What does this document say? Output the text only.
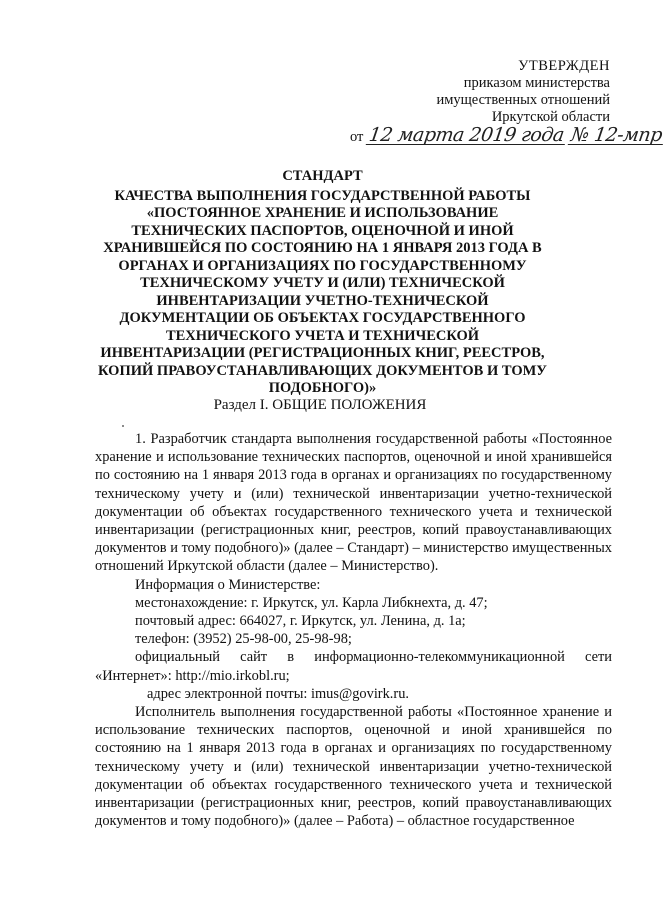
УТВЕРЖДЕН
приказом министерства
имущественных отношений
Иркутской области
от 12 марта 2019 года № 12-мпр
СТАНДАРТ
КАЧЕСТВА ВЫПОЛНЕНИЯ ГОСУДАРСТВЕННОЙ РАБОТЫ «ПОСТОЯННОЕ ХРАНЕНИЕ И ИСПОЛЬЗОВАНИЕ ТЕХНИЧЕСКИХ ПАСПОРТОВ, ОЦЕНОЧНОЙ И ИНОЙ ХРАНИВШЕЙСЯ ПО СОСТОЯНИЮ НА 1 ЯНВАРЯ 2013 ГОДА В ОРГАНАХ И ОРГАНИЗАЦИЯХ ПО ГОСУДАРСТВЕННОМУ ТЕХНИЧЕСКОМУ УЧЕТУ И (ИЛИ) ТЕХНИЧЕСКОЙ ИНВЕНТАРИЗАЦИИ УЧЕТНО-ТЕХНИЧЕСКОЙ ДОКУМЕНТАЦИИ ОБ ОБЪЕКТАХ ГОСУДАРСТВЕННОГО ТЕХНИЧЕСКОГО УЧЕТА И ТЕХНИЧЕСКОЙ ИНВЕНТАРИЗАЦИИ (РЕГИСТРАЦИОННЫХ КНИГ, РЕЕСТРОВ, КОПИЙ ПРАВОУСТАНАВЛИВАЮЩИХ ДОКУМЕНТОВ И ТОМУ ПОДОБНОГО)»
Раздел I. ОБЩИЕ ПОЛОЖЕНИЯ

1. Разработчик стандарта выполнения государственной работы «Постоянное хранение и использование технических паспортов, оценочной и иной хранившейся по состоянию на 1 января 2013 года в органах и организациях по государственному техническому учету и (или) технической инвентаризации учетно-технической документации об объектах государственного технического учета и технической инвентаризации (регистрационных книг, реестров, копий правоустанавливающих документов и тому подобного)» (далее – Стандарт) – министерство имущественных отношений Иркутской области (далее – Министерство).

Информация о Министерстве:

местонахождение: г. Иркутск, ул. Карла Либкнехта, д. 47;

почтовый адрес: 664027, г. Иркутск, ул. Ленина, д. 1а;

телефон: (3952) 25-98-00, 25-98-98;

официальный сайт в информационно-телекоммуникационной сети «Интернет»: http://mio.irkobl.ru;

адрес электронной почты: imus@govirk.ru.

Исполнитель выполнения государственной работы «Постоянное хранение и использование технических паспортов, оценочной и иной хранившейся по состоянию на 1 января 2013 года в органах и организациях по государственному техническому учету и (или) технической инвентаризации учетно-технической документации об объектах государственного технического учета и технической инвентаризации (регистрационных книг, реестров, копий правоустанавливающих документов и тому подобного)» (далее – Работа) – областное государственное
